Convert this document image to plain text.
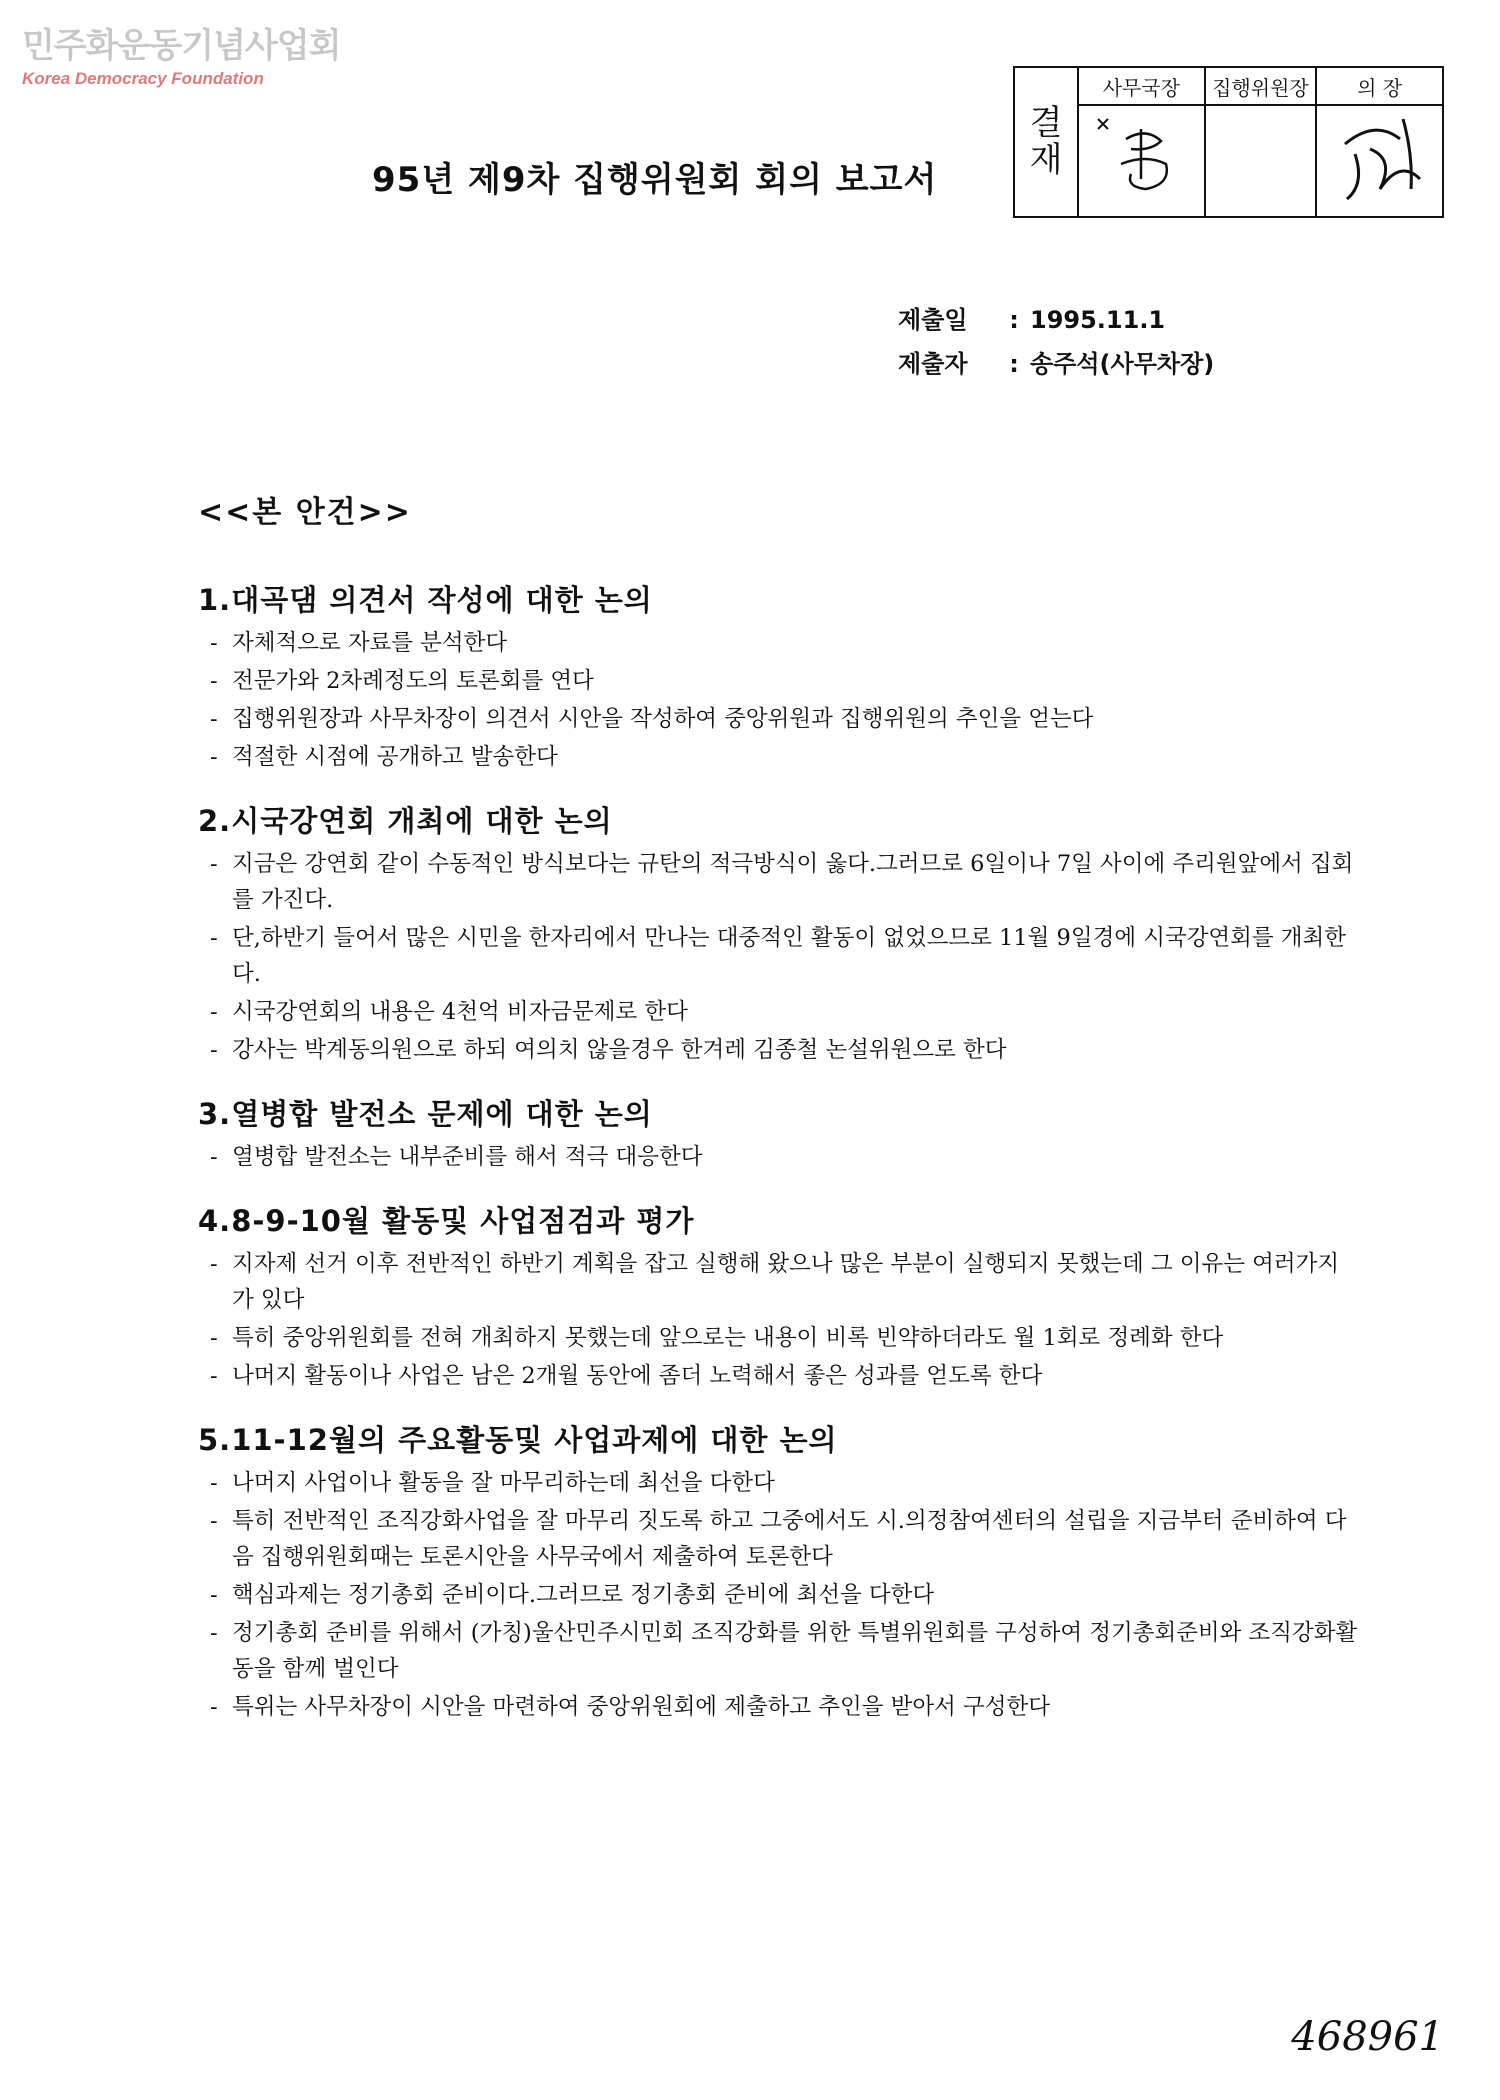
민주화운동기념사업회
Korea Democracy Foundation
95년 제9차 집행위원회 회의 보고서
결
재	사무국장	집행위원장	의 장

제출일 : 1995.11.1
제출자 : 송주석(사무차장)
<<본 안건>>
1.대곡댐 의견서 작성에 대한 논의
- 자체적으로 자료를 분석한다
- 전문가와 2차례정도의 토론회를 연다
- 집행위원장과 사무차장이 의견서 시안을 작성하여 중앙위원과 집행위원의 추인을 얻는다
- 적절한 시점에 공개하고 발송한다
2.시국강연회 개최에 대한 논의
- 지금은 강연회 같이 수동적인 방식보다는 규탄의 적극방식이 옳다.그러므로 6일이나 7일 사이에 주리원앞에서 집회를 가진다.
- 단,하반기 들어서 많은 시민을 한자리에서 만나는 대중적인 활동이 없었으므로 11월 9일경에 시국강연회를 개최한다.
- 시국강연회의 내용은 4천억 비자금문제로 한다
- 강사는 박계동의원으로 하되 여의치 않을경우 한겨레 김종철 논설위원으로 한다
3.열병합 발전소 문제에 대한 논의
- 열병합 발전소는 내부준비를 해서 적극 대응한다
4.8-9-10월 활동및 사업점검과 평가
- 지자제 선거 이후 전반적인 하반기 계획을 잡고 실행해 왔으나 많은 부분이 실행되지 못했는데 그 이유는 여러가지가 있다
- 특히 중앙위원회를 전혀 개최하지 못했는데 앞으로는 내용이 비록 빈약하더라도 월 1회로 정례화 한다
- 나머지 활동이나 사업은 남은 2개월 동안에 좀더 노력해서 좋은 성과를 얻도록 한다
5.11-12월의 주요활동및 사업과제에 대한 논의
- 나머지 사업이나 활동을 잘 마무리하는데 최선을 다한다
- 특히 전반적인 조직강화사업을 잘 마무리 짓도록 하고 그중에서도 시.의정참여센터의 설립을 지금부터 준비하여 다음 집행위원회때는 토론시안을 사무국에서 제출하여 토론한다
- 핵심과제는 정기총회 준비이다.그러므로 정기총회 준비에 최선을 다한다
- 정기총회 준비를 위해서 (가칭)울산민주시민회 조직강화를 위한 특별위원회를 구성하여 정기총회준비와 조직강화활동을 함께 벌인다
- 특위는 사무차장이 시안을 마련하여 중앙위원회에 제출하고 추인을 받아서 구성한다
468961
